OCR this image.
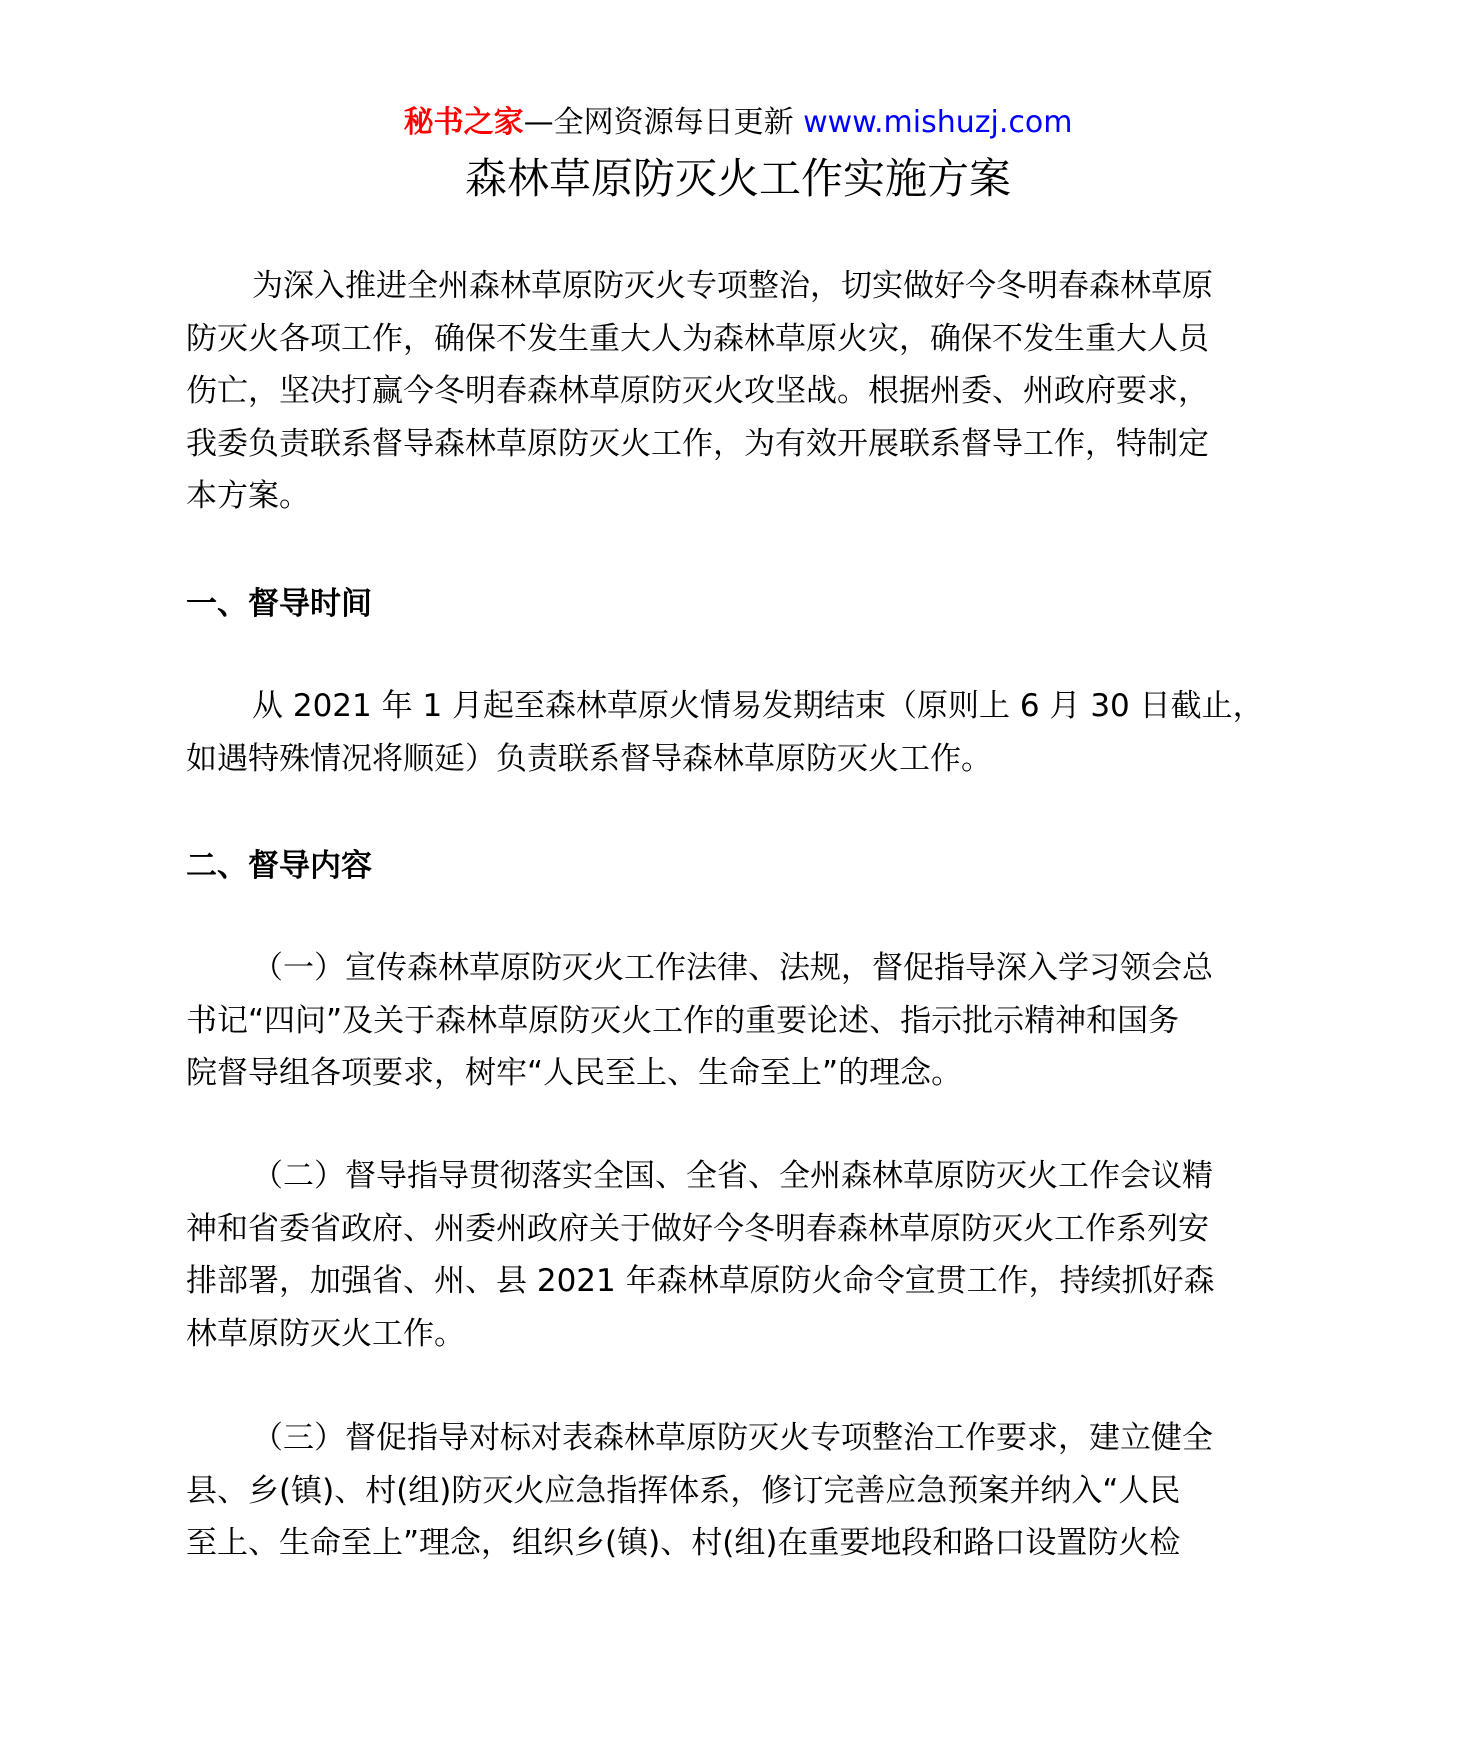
秘书之家—全网资源每日更新 www.mishuzj.com
森林草原防灭火工作实施方案
为深入推进全州森林草原防灭火专项整治，切实做好今冬明春森林草原
防灭火各项工作，确保不发生重大人为森林草原火灾，确保不发生重大人员
伤亡，坚决打赢今冬明春森林草原防灭火攻坚战。根据州委、州政府要求，
我委负责联系督导森林草原防灭火工作，为有效开展联系督导工作，特制定
本方案。
一、督导时间
从 2021 年 1 月起至森林草原火情易发期结束（原则上 6 月 30 日截止，
如遇特殊情况将顺延）负责联系督导森林草原防灭火工作。
二、督导内容
（一）宣传森林草原防灭火工作法律、法规，督促指导深入学习领会总
书记“四问”及关于森林草原防灭火工作的重要论述、指示批示精神和国务
院督导组各项要求，树牢“人民至上、生命至上”的理念。
（二）督导指导贯彻落实全国、全省、全州森林草原防灭火工作会议精
神和省委省政府、州委州政府关于做好今冬明春森林草原防灭火工作系列安
排部署，加强省、州、县 2021 年森林草原防火命令宣贯工作，持续抓好森
林草原防灭火工作。
（三）督促指导对标对表森林草原防灭火专项整治工作要求，建立健全
县、乡(镇)、村(组)防灭火应急指挥体系，修订完善应急预案并纳入“人民
至上、生命至上”理念，组织乡(镇)、村(组)在重要地段和路口设置防火检
